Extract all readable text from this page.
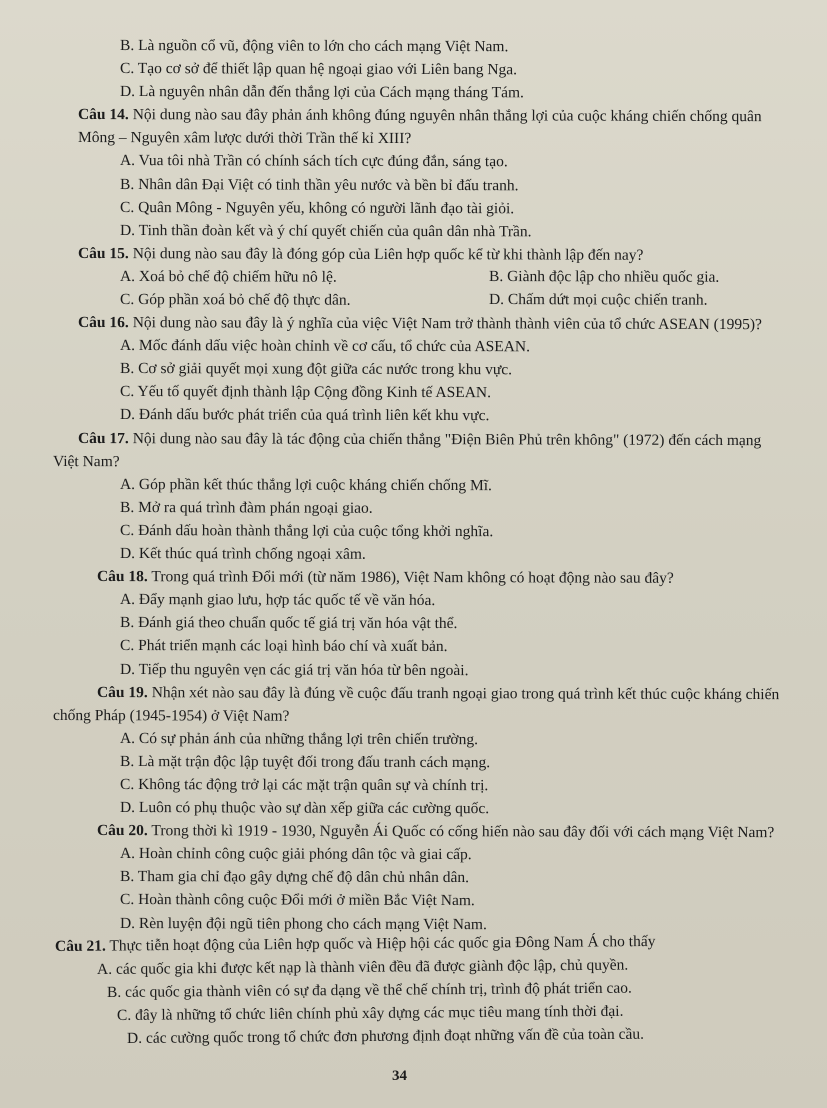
B. Là nguồn cổ vũ, động viên to lớn cho cách mạng Việt Nam.
C. Tạo cơ sở để thiết lập quan hệ ngoại giao với Liên bang Nga.
D. Là nguyên nhân dẫn đến thắng lợi của Cách mạng tháng Tám.
Câu 14. Nội dung nào sau đây phản ánh không đúng nguyên nhân thắng lợi của cuộc kháng chiến chống quân
Mông – Nguyên xâm lược dưới thời Trần thế kỉ XIII?
A. Vua tôi nhà Trần có chính sách tích cực đúng đắn, sáng tạo.
B. Nhân dân Đại Việt có tinh thần yêu nước và bền bỉ đấu tranh.
C. Quân Mông - Nguyên yếu, không có người lãnh đạo tài giỏi.
D. Tinh thần đoàn kết và ý chí quyết chiến của quân dân nhà Trần.
Câu 15. Nội dung nào sau đây là đóng góp của Liên hợp quốc kể từ khi thành lập đến nay?
A. Xoá bỏ chế độ chiếm hữu nô lệ.	B. Giành độc lập cho nhiều quốc gia.
C. Góp phần xoá bỏ chế độ thực dân.	D. Chấm dứt mọi cuộc chiến tranh.
Câu 16. Nội dung nào sau đây là ý nghĩa của việc Việt Nam trở thành thành viên của tổ chức ASEAN (1995)?
A. Mốc đánh dấu việc hoàn chỉnh về cơ cấu, tổ chức của ASEAN.
B. Cơ sở giải quyết mọi xung đột giữa các nước trong khu vực.
C. Yếu tố quyết định thành lập Cộng đồng Kinh tế ASEAN.
D. Đánh dấu bước phát triển của quá trình liên kết khu vực.
Câu 17. Nội dung nào sau đây là tác động của chiến thắng "Điện Biên Phủ trên không" (1972) đến cách mạng
Việt Nam?
A. Góp phần kết thúc thắng lợi cuộc kháng chiến chống Mĩ.
B. Mở ra quá trình đàm phán ngoại giao.
C. Đánh dấu hoàn thành thắng lợi của cuộc tổng khởi nghĩa.
D. Kết thúc quá trình chống ngoại xâm.
Câu 18. Trong quá trình Đổi mới (từ năm 1986), Việt Nam không có hoạt động nào sau đây?
A. Đẩy mạnh giao lưu, hợp tác quốc tế về văn hóa.
B. Đánh giá theo chuẩn quốc tế giá trị văn hóa vật thể.
C. Phát triển mạnh các loại hình báo chí và xuất bản.
D. Tiếp thu nguyên vẹn các giá trị văn hóa từ bên ngoài.
Câu 19. Nhận xét nào sau đây là đúng về cuộc đấu tranh ngoại giao trong quá trình kết thúc cuộc kháng chiến
chống Pháp (1945-1954) ở Việt Nam?
A. Có sự phản ánh của những thắng lợi trên chiến trường.
B. Là mặt trận độc lập tuyệt đối trong đấu tranh cách mạng.
C. Không tác động trở lại các mặt trận quân sự và chính trị.
D. Luôn có phụ thuộc vào sự dàn xếp giữa các cường quốc.
Câu 20. Trong thời kì 1919 - 1930, Nguyễn Ái Quốc có cống hiến nào sau đây đối với cách mạng Việt Nam?
A. Hoàn chỉnh công cuộc giải phóng dân tộc và giai cấp.
B. Tham gia chỉ đạo gây dựng chế độ dân chủ nhân dân.
C. Hoàn thành công cuộc Đổi mới ở miền Bắc Việt Nam.
D. Rèn luyện đội ngũ tiên phong cho cách mạng Việt Nam.
Câu 21. Thực tiễn hoạt động của Liên hợp quốc và Hiệp hội các quốc gia Đông Nam Á cho thấy
A. các quốc gia khi được kết nạp là thành viên đều đã được giành độc lập, chủ quyền.
B. các quốc gia thành viên có sự đa dạng về thể chế chính trị, trình độ phát triển cao.
C. đây là những tổ chức liên chính phủ xây dựng các mục tiêu mang tính thời đại.
D. các cường quốc trong tổ chức đơn phương định đoạt những vấn đề của toàn cầu.
34
